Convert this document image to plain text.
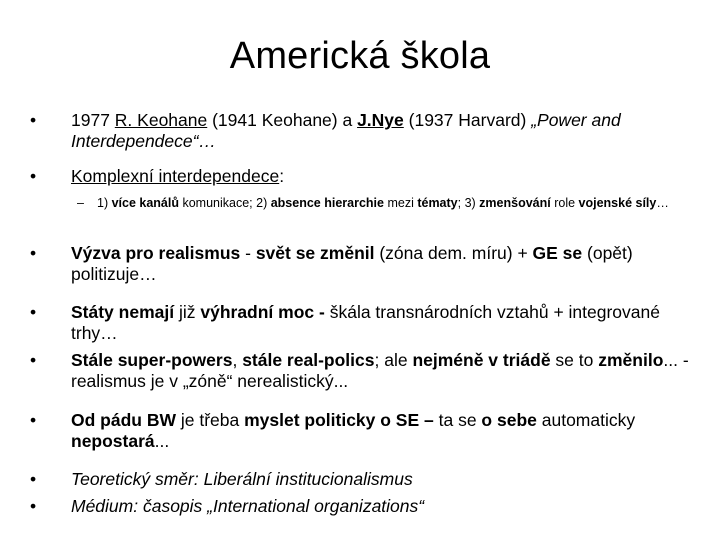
Americká škola
•	1977 R. Keohane (1941 Keohane) a J.Nye (1937 Harvard) „Power and Interdependece“…
•	Komplexní interdependece:
– 1) více kanálů komunikace; 2) absence hierarchie mezi tématy; 3) zmenšování role vojenské síly…
•	Výzva pro realismus - svět se změnil (zóna dem. míru) + GE se (opět) politizuje…
•	Státy nemají již výhradní moc - škála transnárodních vztahů + integrované trhy…
•	Stále super-powers, stále real-polics; ale nejméně v triádě se to změnilo... - realismus je v „zóně“ nerealistický...
•	Od pádu BW je třeba myslet politicky o SE – ta se o sebe automaticky nepostará...
•	Teoretický směr: Liberální institucionalismus
•	Médium: časopis „International organizations“
